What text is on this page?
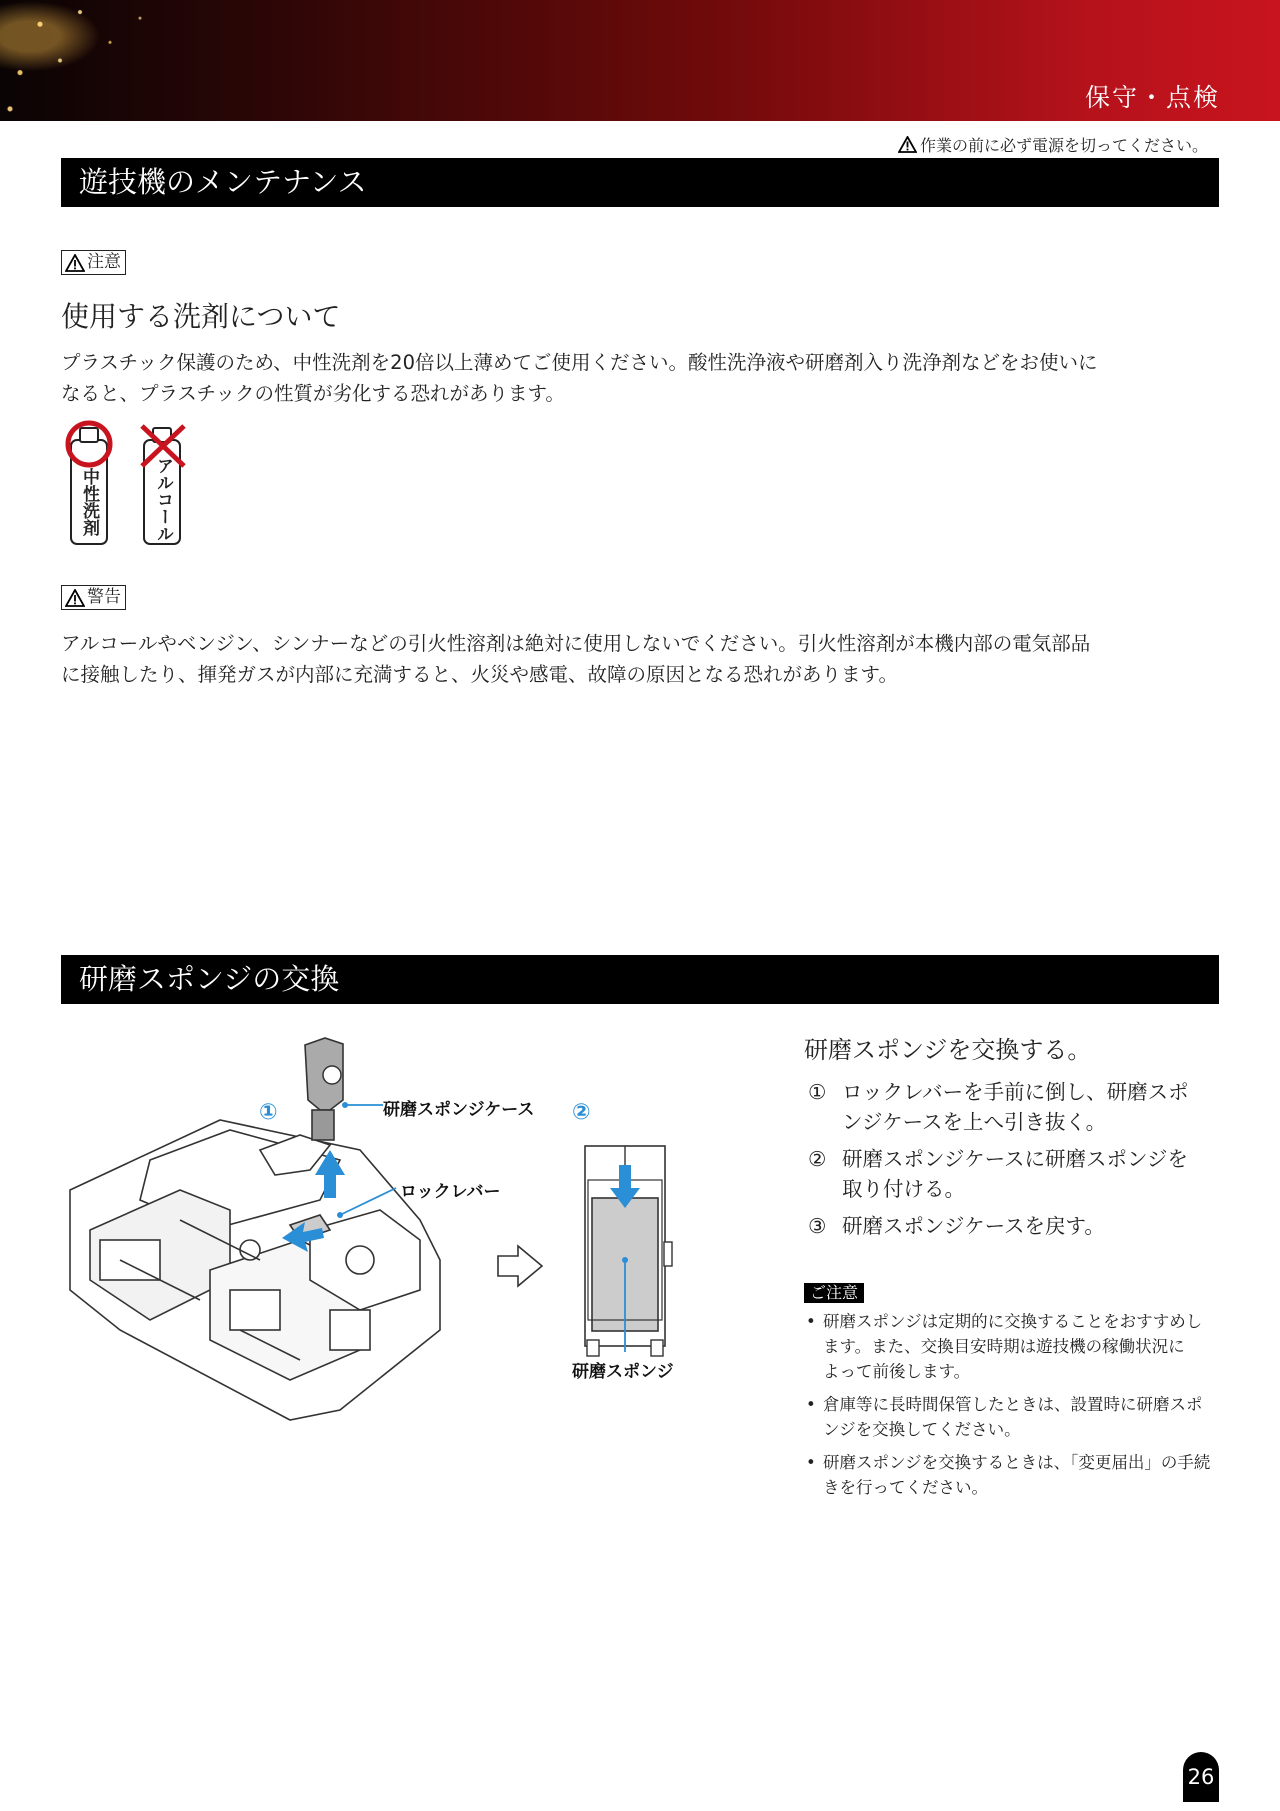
保守・点検
作業の前に必ず電源を切ってください。
遊技機のメンテナンス
注意
使用する洗剤について
プラスチック保護のため、中性洗剤を20倍以上薄めてご使用ください。酸性洗浄液や研磨剤入り洗浄剤などをお使いに
なると、プラスチックの性質が劣化する恐れがあります。
中性洗剤	アルコール
警告
アルコールやベンジン、シンナーなどの引火性溶剤は絶対に使用しないでください。引火性溶剤が本機内部の電気部品
に接触したり、揮発ガスが内部に充満すると、火災や感電、故障の原因となる恐れがあります。
研磨スポンジの交換
①	②
研磨スポンジケース
ロックレバー
研磨スポンジ
研磨スポンジを交換する。
① ロックレバーを手前に倒し、研磨スポ
ンジケースを上へ引き抜く。
② 研磨スポンジケースに研磨スポンジを
取り付ける。
③ 研磨スポンジケースを戻す。
ご注意
• 研磨スポンジは定期的に交換することをおすすめし
ます。また、交換目安時期は遊技機の稼働状況に
よって前後します。
• 倉庫等に長時間保管したときは、設置時に研磨スポ
ンジを交換してください。
• 研磨スポンジを交換するときは、「変更届出」の手続
きを行ってください。
26
